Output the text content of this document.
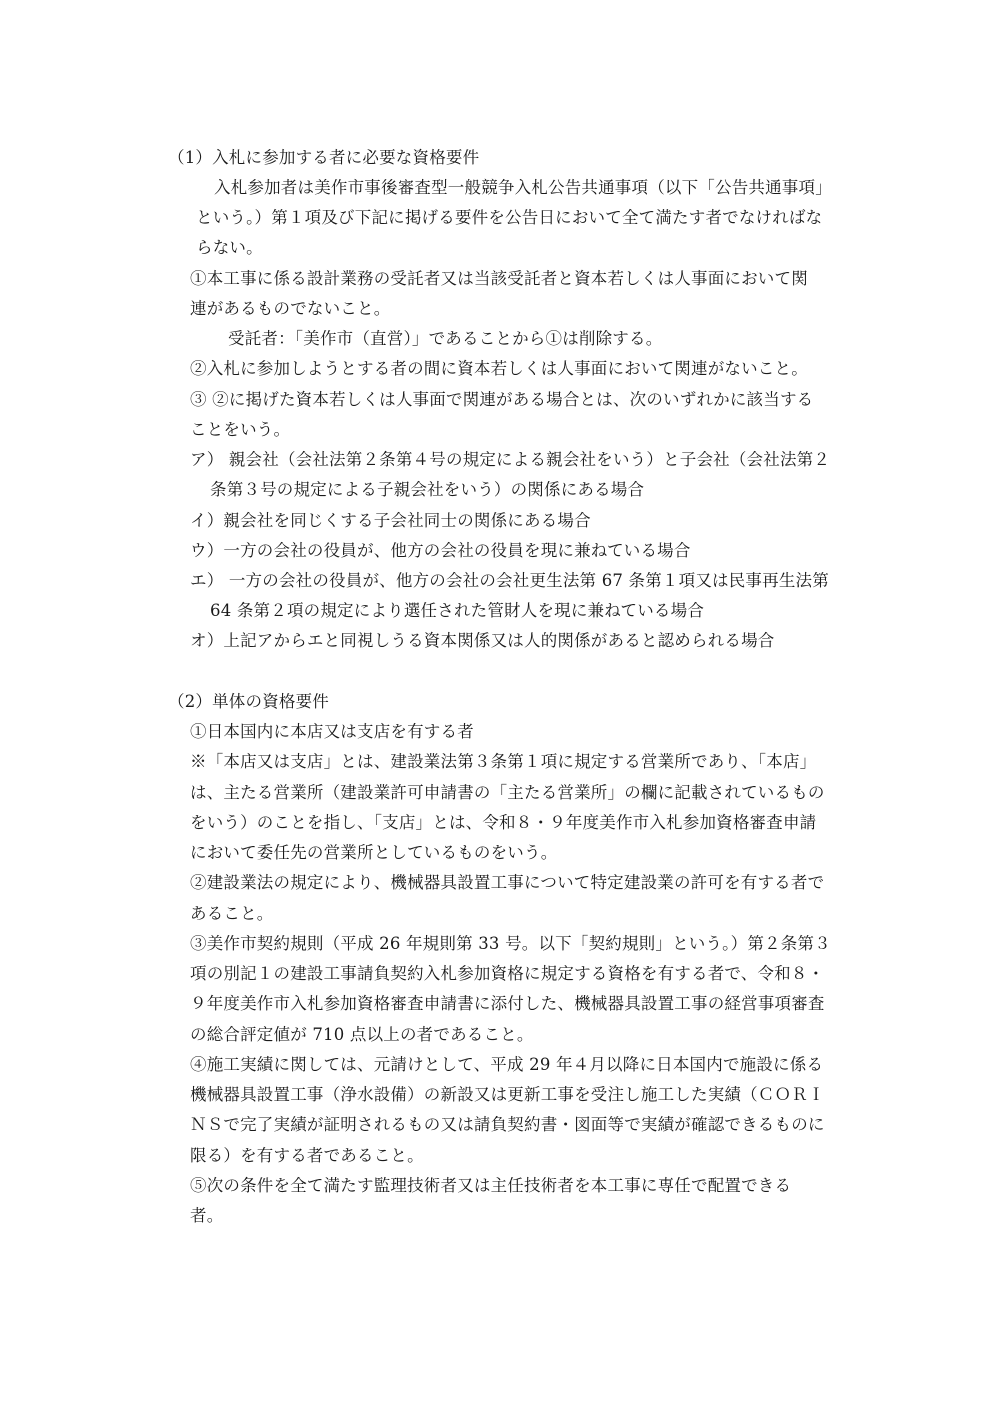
（1）入札に参加する者に必要な資格要件
入札参加者は美作市事後審査型一般競争入札公告共通事項（以下「公告共通事項」
という。）第１項及び下記に掲げる要件を公告日において全て満たす者でなければな
らない。
①本工事に係る設計業務の受託者又は当該受託者と資本若しくは人事面において関
連があるものでないこと。
受託者：「美作市（直営）」であることから①は削除する。
②入札に参加しようとする者の間に資本若しくは人事面において関連がないこと。
③ ②に掲げた資本若しくは人事面で関連がある場合とは、次のいずれかに該当する
ことをいう。
ア） 親会社（会社法第２条第４号の規定による親会社をいう）と子会社（会社法第２
条第３号の規定による子親会社をいう）の関係にある場合
イ）親会社を同じくする子会社同士の関係にある場合
ウ）一方の会社の役員が、他方の会社の役員を現に兼ねている場合
エ） 一方の会社の役員が、他方の会社の会社更生法第 67 条第１項又は民事再生法第
64 条第２項の規定により選任された管財人を現に兼ねている場合
オ）上記アからエと同視しうる資本関係又は人的関係があると認められる場合
（2）単体の資格要件
①日本国内に本店又は支店を有する者
※「本店又は支店」とは、建設業法第３条第１項に規定する営業所であり、「本店」
は、主たる営業所（建設業許可申請書の「主たる営業所」の欄に記載されているもの
をいう）のことを指し、「支店」とは、令和８・９年度美作市入札参加資格審査申請
において委任先の営業所としているものをいう。
②建設業法の規定により、機械器具設置工事について特定建設業の許可を有する者で
あること。
③美作市契約規則（平成 26 年規則第 33 号。以下「契約規則」という。）第２条第３
項の別記１の建設工事請負契約入札参加資格に規定する資格を有する者で、令和８・
９年度美作市入札参加資格審査申請書に添付した、機械器具設置工事の経営事項審査
の総合評定値が 710 点以上の者であること。
④施工実績に関しては、元請けとして、平成 29 年４月以降に日本国内で施設に係る
機械器具設置工事（浄水設備）の新設又は更新工事を受注し施工した実績（ＣＯＲＩ
ＮＳで完了実績が証明されるもの又は請負契約書・図面等で実績が確認できるものに
限る）を有する者であること。
⑤次の条件を全て満たす監理技術者又は主任技術者を本工事に専任で配置できる
者。
